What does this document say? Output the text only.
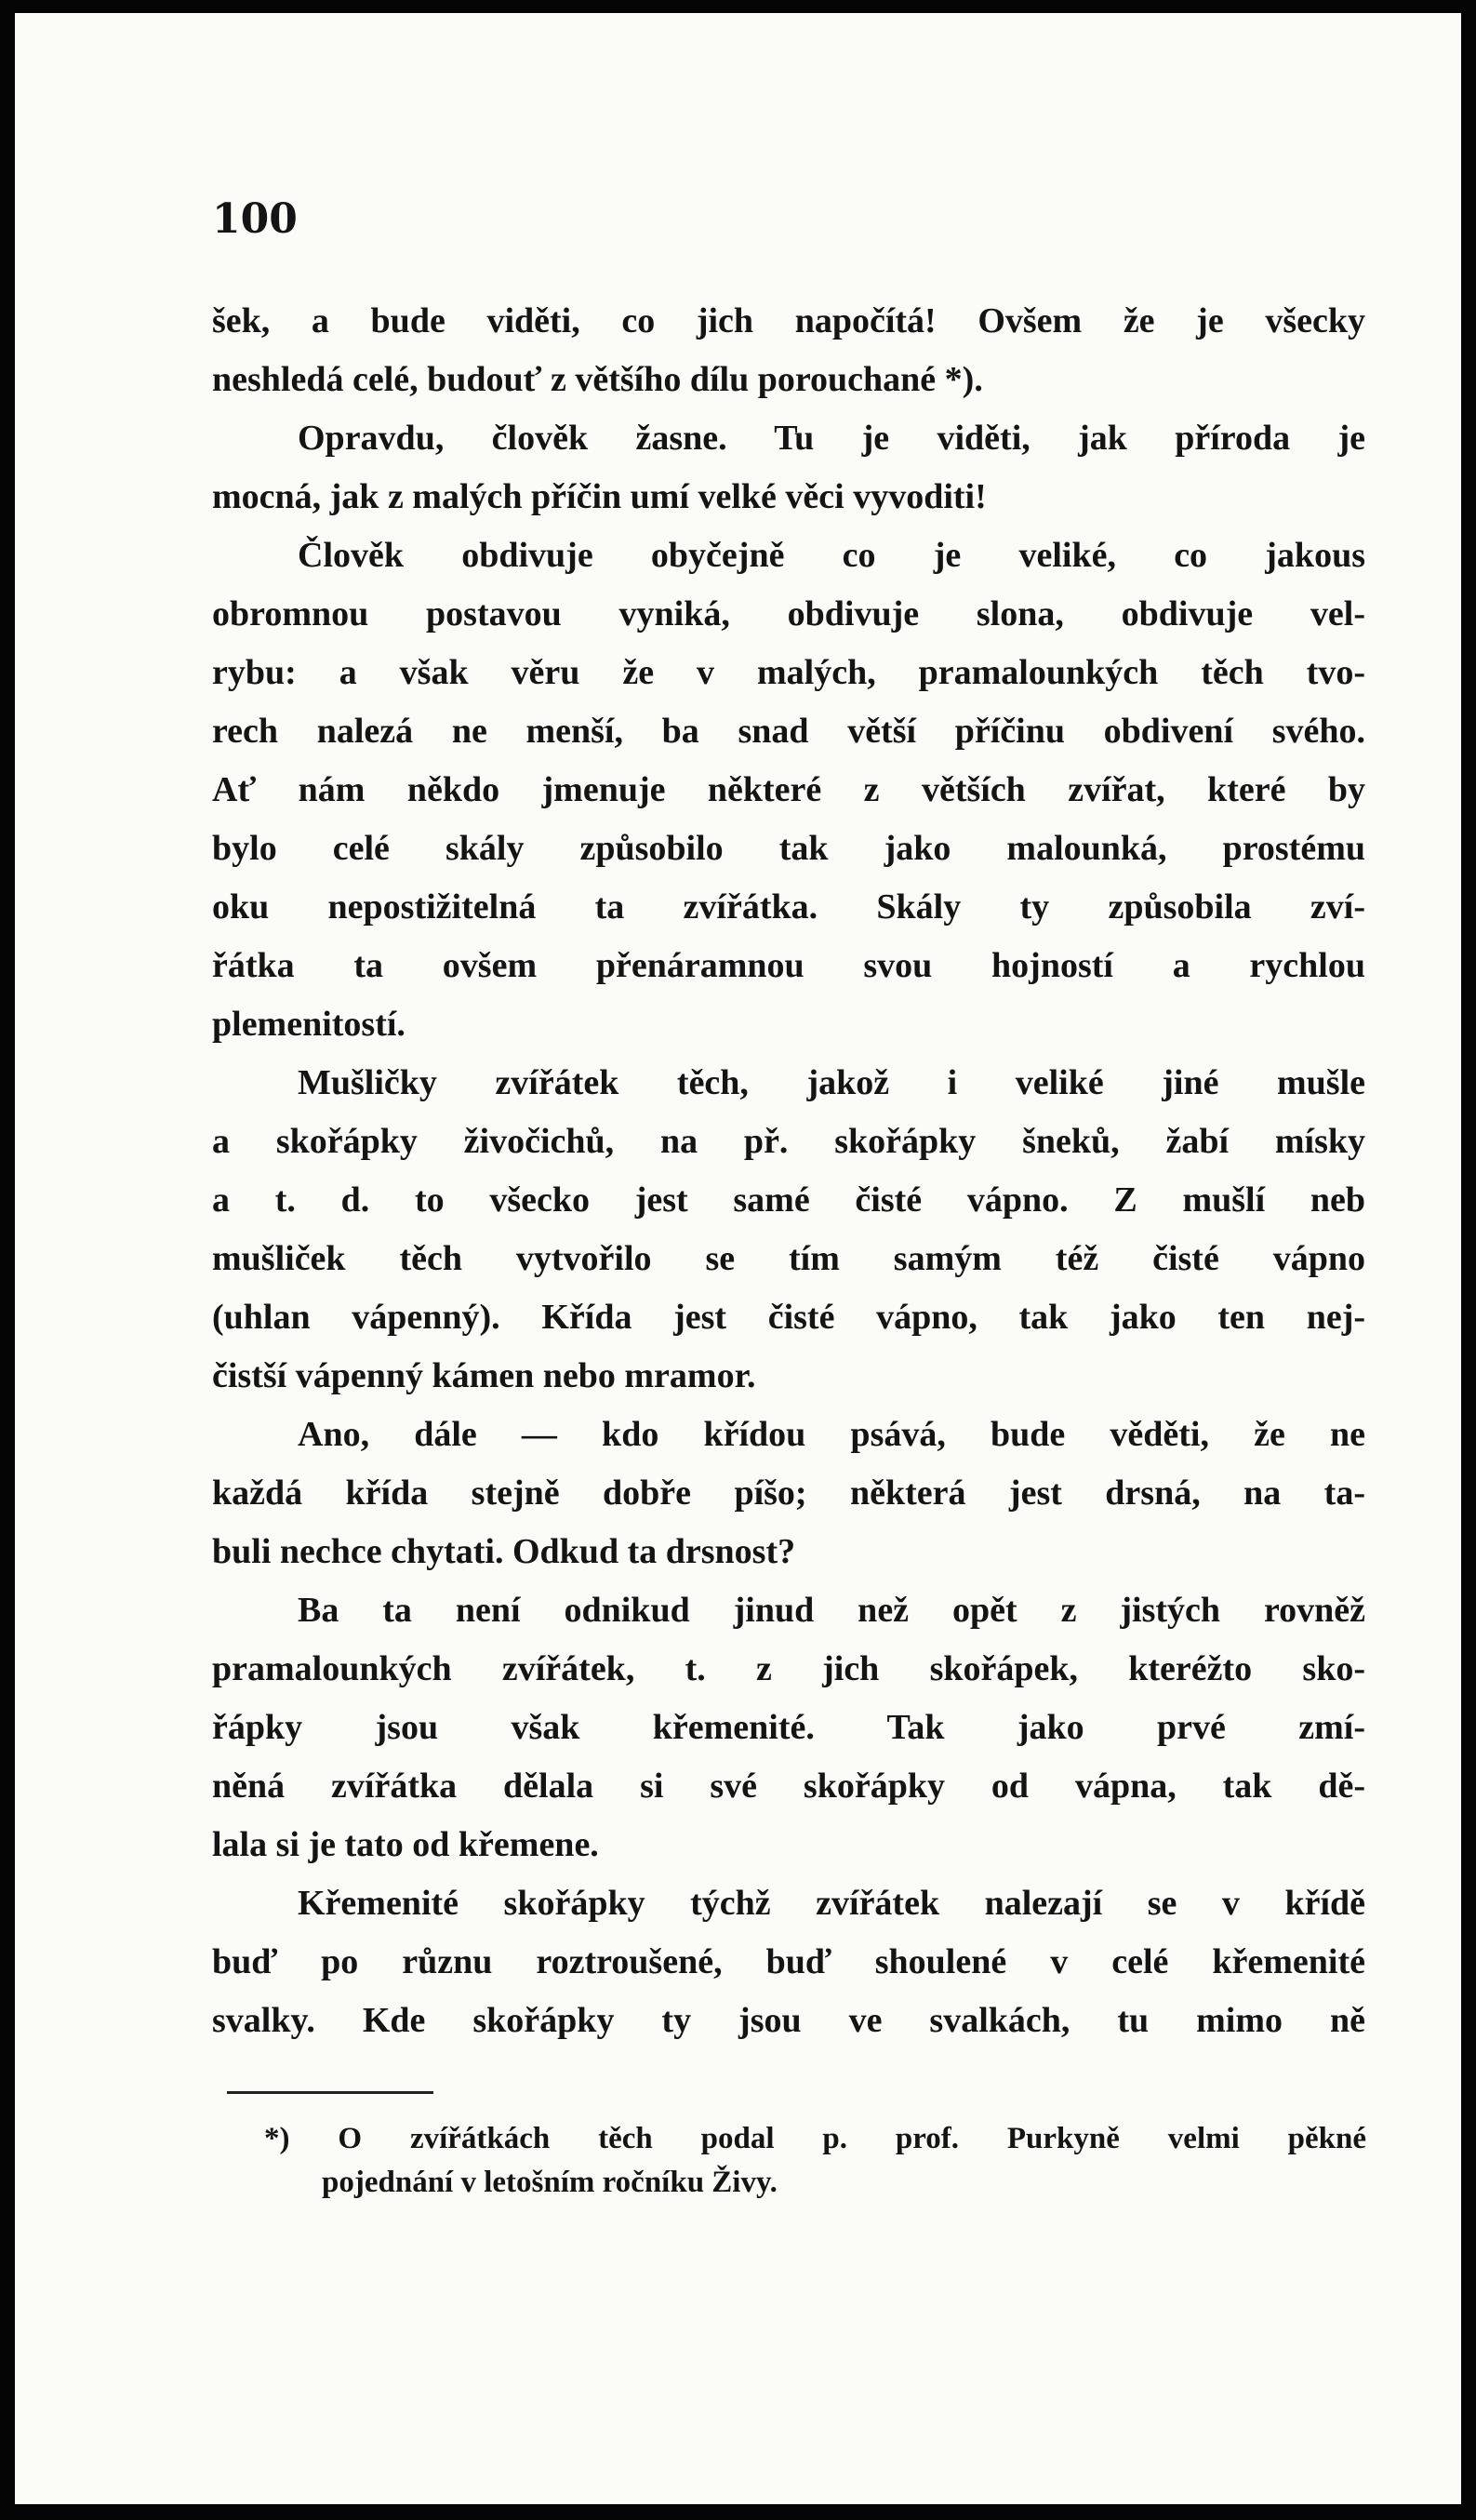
100

šek, a bude viděti, co jich napočítá! Ovšem že je všecky
neshledá celé, budouť z většího dílu porouchané *).

Opravdu, člověk žasne. Tu je viděti, jak příroda je
mocná, jak z malých příčin umí velké věci vyvoditi!

Člověk obdivuje obyčejně co je veliké, co jakous
obromnou postavou vyniká, obdivuje slona, obdivuje vel-
rybu: a však věru že v malých, pramalounkých těch tvo-
rech nalezá ne menší, ba snad větší příčinu obdivení svého.
Ať nám někdo jmenuje některé z větších zvířat, které by
bylo celé skály způsobilo tak jako malounká, prostému
oku nepostižitelná ta zvířátka. Skály ty způsobila zví-
řátka ta ovšem přenáramnou svou hojností a rychlou
plemenitostí.

Mušličky zvířátek těch, jakož i veliké jiné mušle
a skořápky živočichů, na př. skořápky šneků, žabí mísky
a t. d. to všecko jest samé čisté vápno. Z mušlí neb
mušliček těch vytvořilo se tím samým též čisté vápno
(uhlan vápenný). Křída jest čisté vápno, tak jako ten nej-
čistší vápenný kámen nebo mramor.

Ano, dále — kdo křídou psává, bude věděti, že ne
každá křída stejně dobře píšo; některá jest drsná, na ta-
buli nechce chytati. Odkud ta drsnost?

Ba ta není odnikud jinud než opět z jistých rovněž
pramalounkých zvířátek, t. z jich skořápek, kteréžto sko-
řápky jsou však křemenité. Tak jako prvé zmí-
něná zvířátka dělala si své skořápky od vápna, tak dě-
lala si je tato od křemene.

Křemenité skořápky týchž zvířátek nalezají se v křídě
buď po různu roztroušené, buď shoulené v celé křemenité
svalky. Kde skořápky ty jsou ve svalkách, tu mimo ně

*) O zvířátkách těch podal p. prof. Purkyně velmi pěkné
pojednání v letošním ročníku Živy.
